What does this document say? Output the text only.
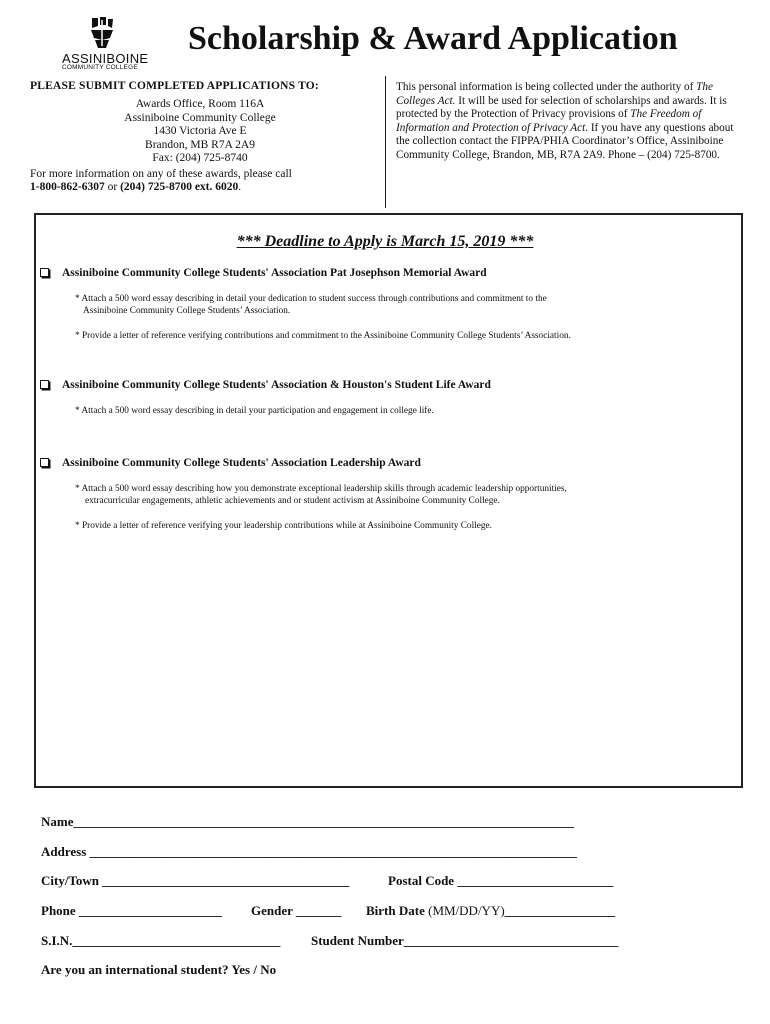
ASSINIBOINE
COMMUNITY COLLEGE
Scholarship & Award Application
PLEASE SUBMIT COMPLETED APPLICATIONS TO:
Awards Office, Room 116A
Assiniboine Community College
1430 Victoria Ave E
Brandon, MB R7A 2A9
Fax: (204) 725-8740
For more information on any of these awards, please call
1-800-862-6307 or (204) 725-8700 ext. 6020.
This personal information is being collected under the authority of The Colleges Act. It will be used for selection of scholarships and awards. It is protected by the Protection of Privacy provisions of The Freedom of Information and Protection of Privacy Act. If you have any questions about the collection contact the FIPPA/PHIA Coordinator’s Office, Assiniboine Community College, Brandon, MB, R7A 2A9. Phone – (204) 725-8700.
*** Deadline to Apply is March 15, 2019 ***
Assiniboine Community College Students' Association Pat Josephson Memorial Award
* Attach a 500 word essay describing in detail your dedication to student success through contributions and commitment to the
Assiniboine Community College Students’ Association.
* Provide a letter of reference verifying contributions and commitment to the Assiniboine Community College Students’ Association.
Assiniboine Community College Students' Association & Houston's Student Life Award
* Attach a 500 word essay describing in detail your participation and engagement in college life.
Assiniboine Community College Students' Association Leadership Award
* Attach a 500 word essay describing how you demonstrate exceptional leadership skills through academic leadership opportunities,
extracurricular engagements, athletic achievements and or student activism at Assiniboine Community College.
* Provide a letter of reference verifying your leadership contributions while at Assiniboine Community College.
Name_____________________________________________________________________________
Address ___________________________________________________________________________
City/Town ______________________________________	Postal Code ________________________
Phone ______________________ Gender _______ Birth Date (MM/DD/YY)_________________
S.I.N.________________________________ Student Number_________________________________
Are you an international student? Yes / No
